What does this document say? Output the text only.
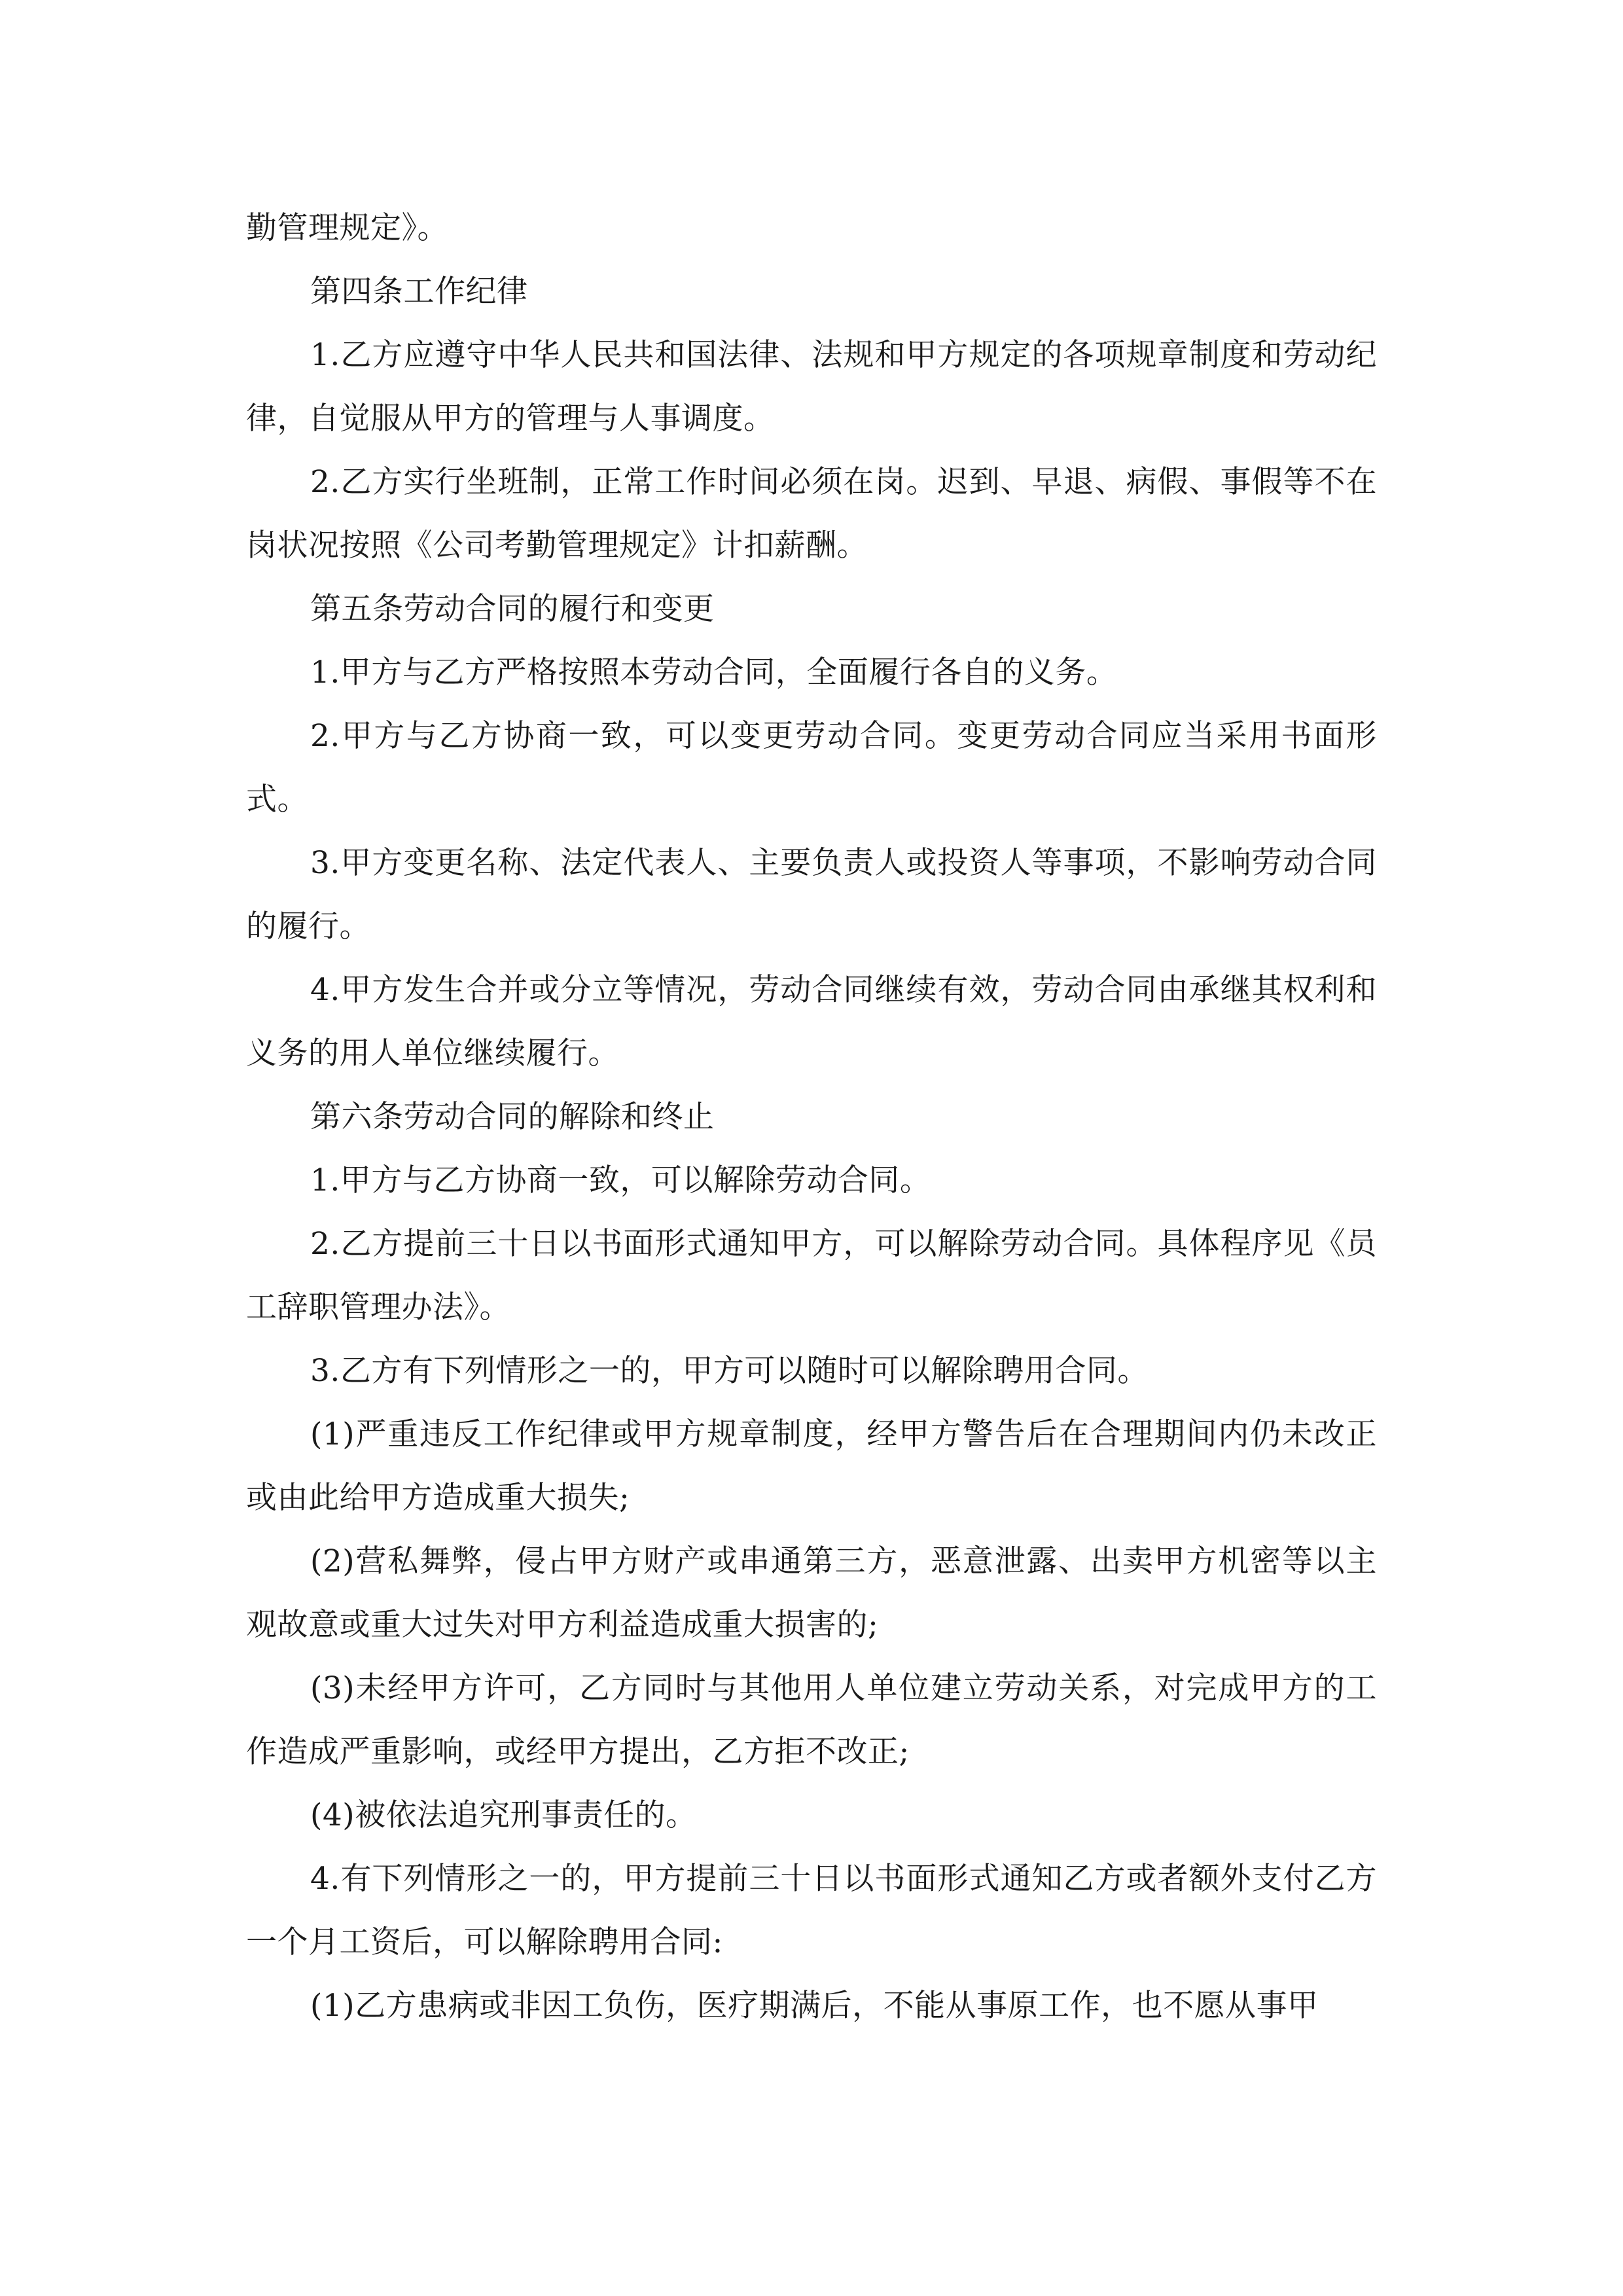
勤管理规定》。

第四条工作纪律

1.乙方应遵守中华人民共和国法律、法规和甲方规定的各项规章制度和劳动纪律，自觉服从甲方的管理与人事调度。

2.乙方实行坐班制，正常工作时间必须在岗。迟到、早退、病假、事假等不在岗状况按照《公司考勤管理规定》计扣薪酬。

第五条劳动合同的履行和变更

1.甲方与乙方严格按照本劳动合同，全面履行各自的义务。

2.甲方与乙方协商一致，可以变更劳动合同。变更劳动合同应当采用书面形式。

3.甲方变更名称、法定代表人、主要负责人或投资人等事项，不影响劳动合同的履行。

4.甲方发生合并或分立等情况，劳动合同继续有效，劳动合同由承继其权利和义务的用人单位继续履行。

第六条劳动合同的解除和终止

1.甲方与乙方协商一致，可以解除劳动合同。

2.乙方提前三十日以书面形式通知甲方，可以解除劳动合同。具体程序见《员工辞职管理办法》。

3.乙方有下列情形之一的，甲方可以随时可以解除聘用合同。

(1)严重违反工作纪律或甲方规章制度，经甲方警告后在合理期间内仍未改正或由此给甲方造成重大损失;

(2)营私舞弊，侵占甲方财产或串通第三方，恶意泄露、出卖甲方机密等以主观故意或重大过失对甲方利益造成重大损害的;

(3)未经甲方许可，乙方同时与其他用人单位建立劳动关系，对完成甲方的工作造成严重影响，或经甲方提出，乙方拒不改正;

(4)被依法追究刑事责任的。

4.有下列情形之一的，甲方提前三十日以书面形式通知乙方或者额外支付乙方一个月工资后，可以解除聘用合同:

(1)乙方患病或非因工负伤，医疗期满后，不能从事原工作，也不愿从事甲
